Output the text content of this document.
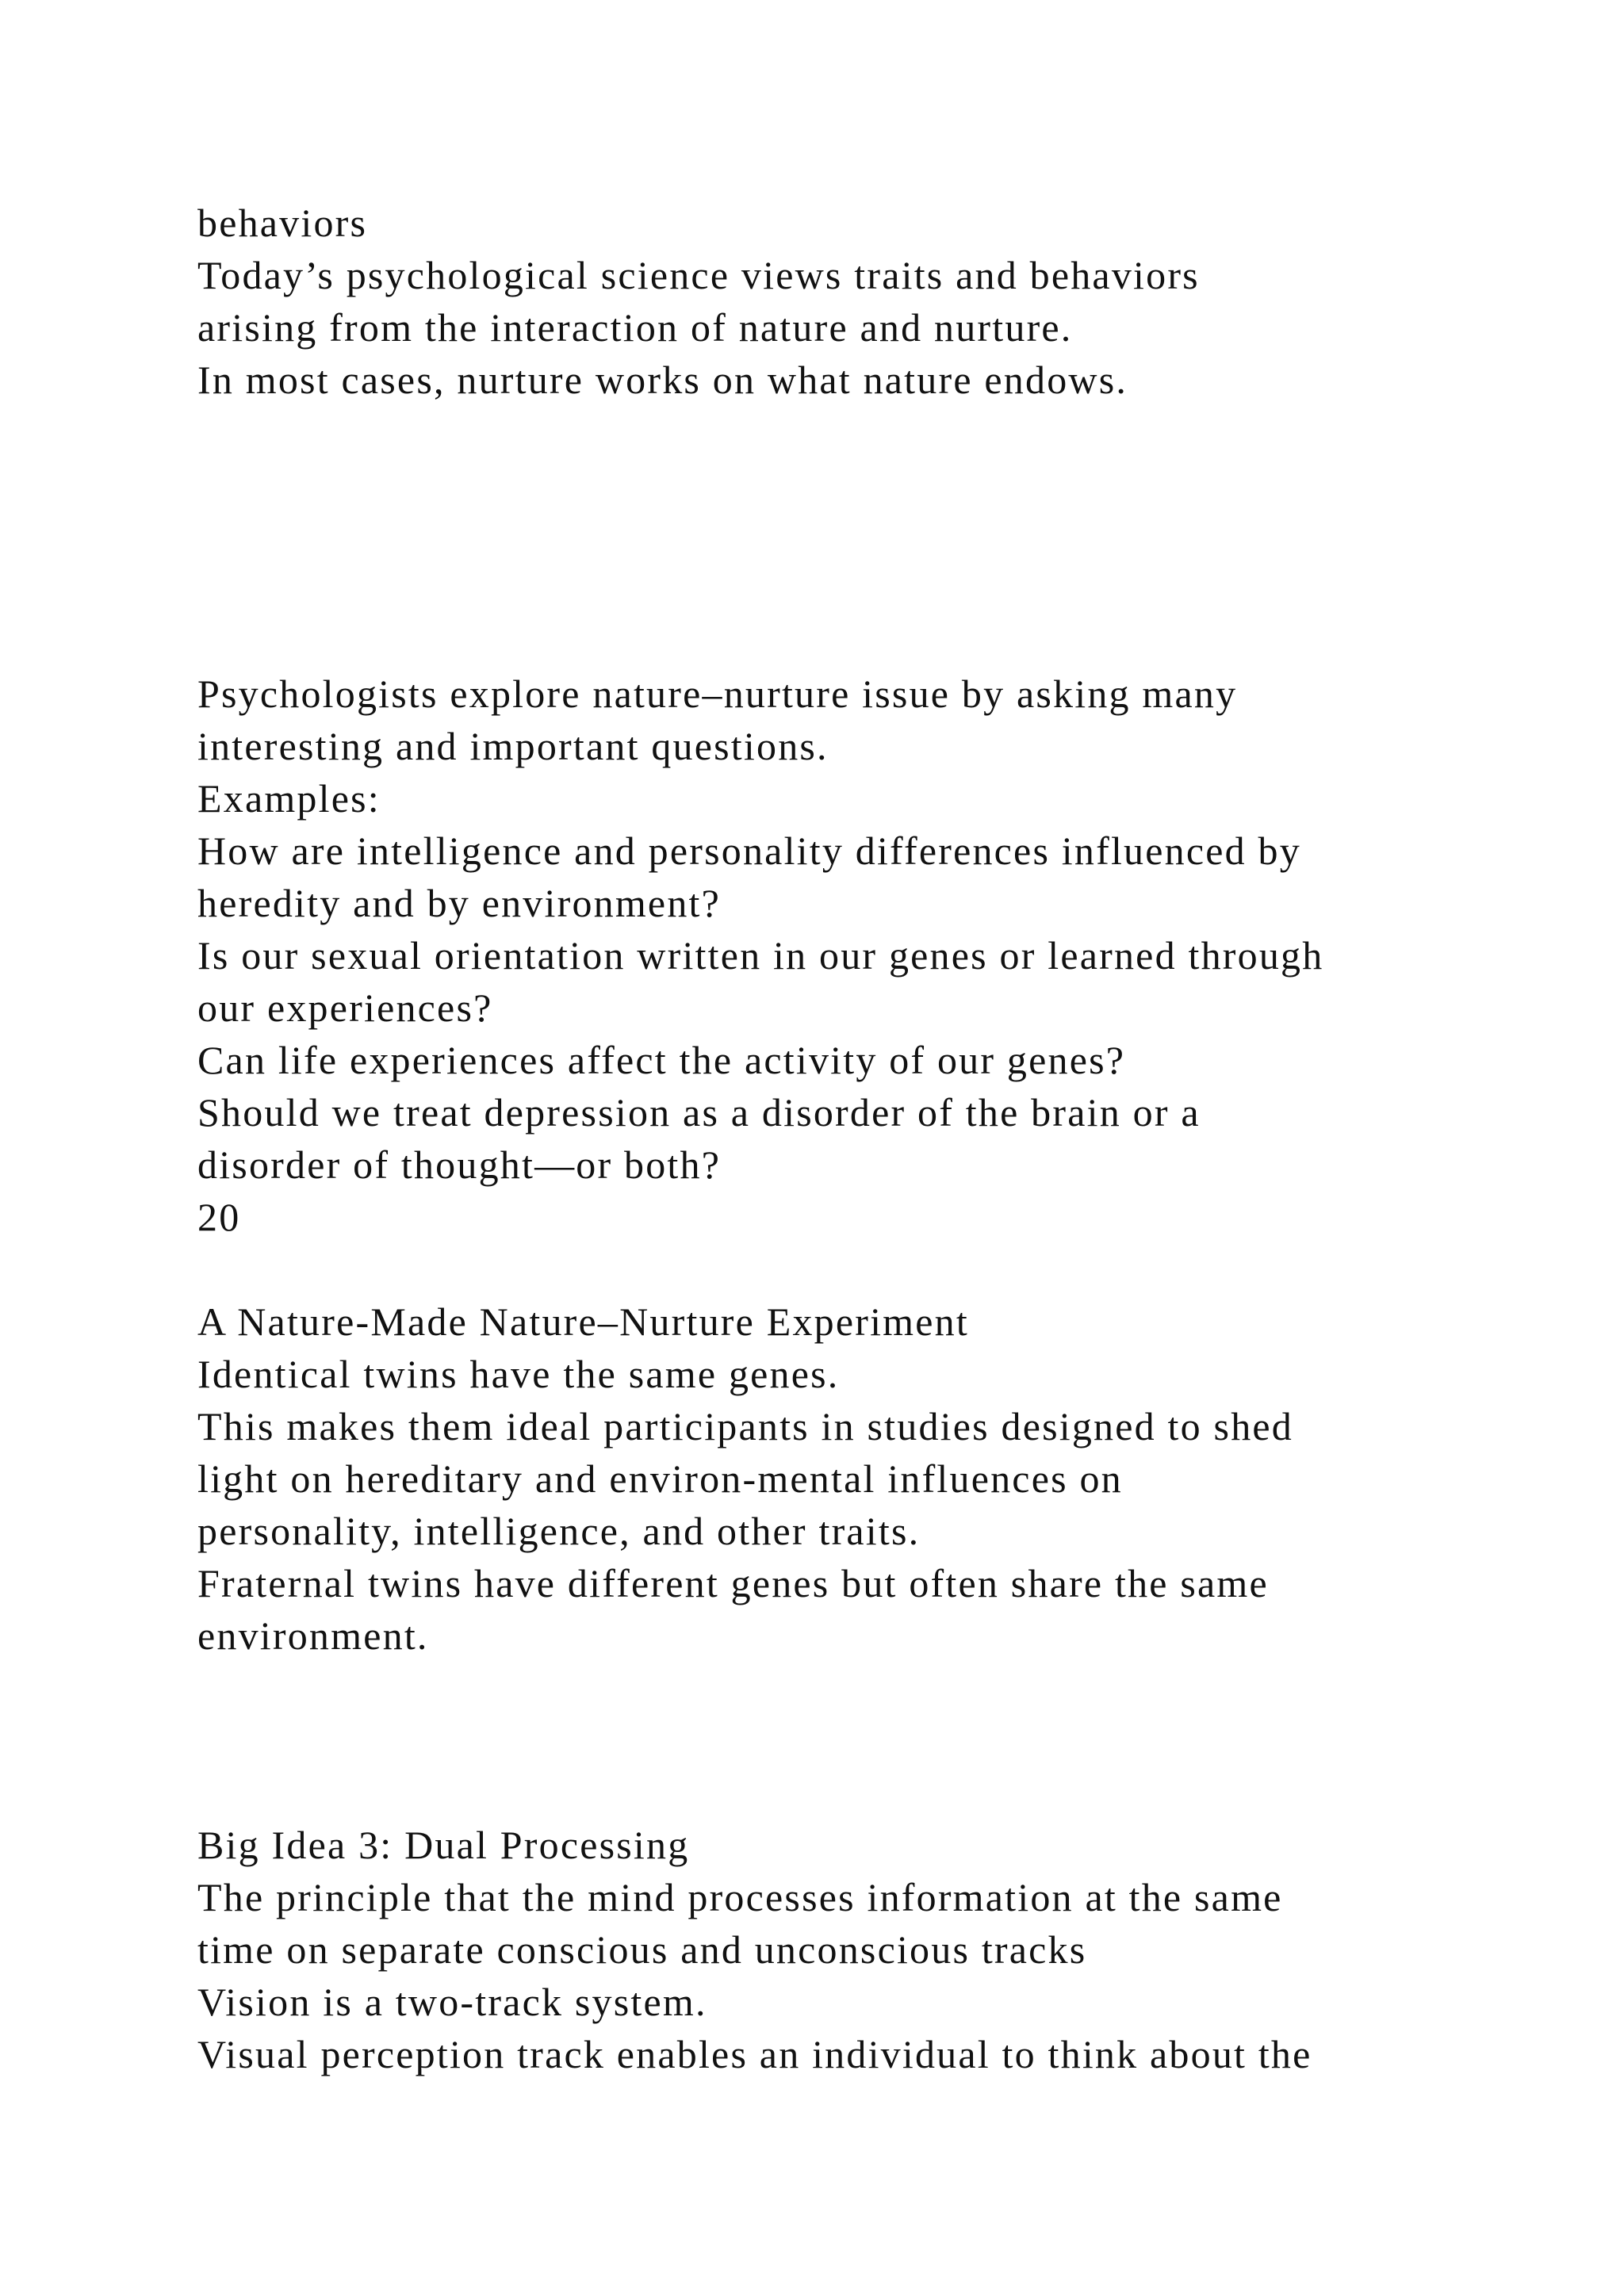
behaviors
Today’s psychological science views traits and behaviors
arising from the interaction of nature and nurture.
In most cases, nurture works on what nature endows.
Psychologists explore nature–nurture issue by asking many
interesting and important questions.
Examples:
How are intelligence and personality differences influenced by
heredity and by environment?
Is our sexual orientation written in our genes or learned through
our experiences?
Can life experiences affect the activity of our genes?
Should we treat depression as a disorder of the brain or a
disorder of thought—or both?
20
A Nature-Made Nature–Nurture Experiment
Identical twins have the same genes.
This makes them ideal participants in studies designed to shed
light on hereditary and environ-mental influences on
personality, intelligence, and other traits.
Fraternal twins have different genes but often share the same
environment.
Big Idea 3: Dual Processing
The principle that the mind processes information at the same
time on separate conscious and unconscious tracks
Vision is a two-track system.
Visual perception track enables an individual to think about the
